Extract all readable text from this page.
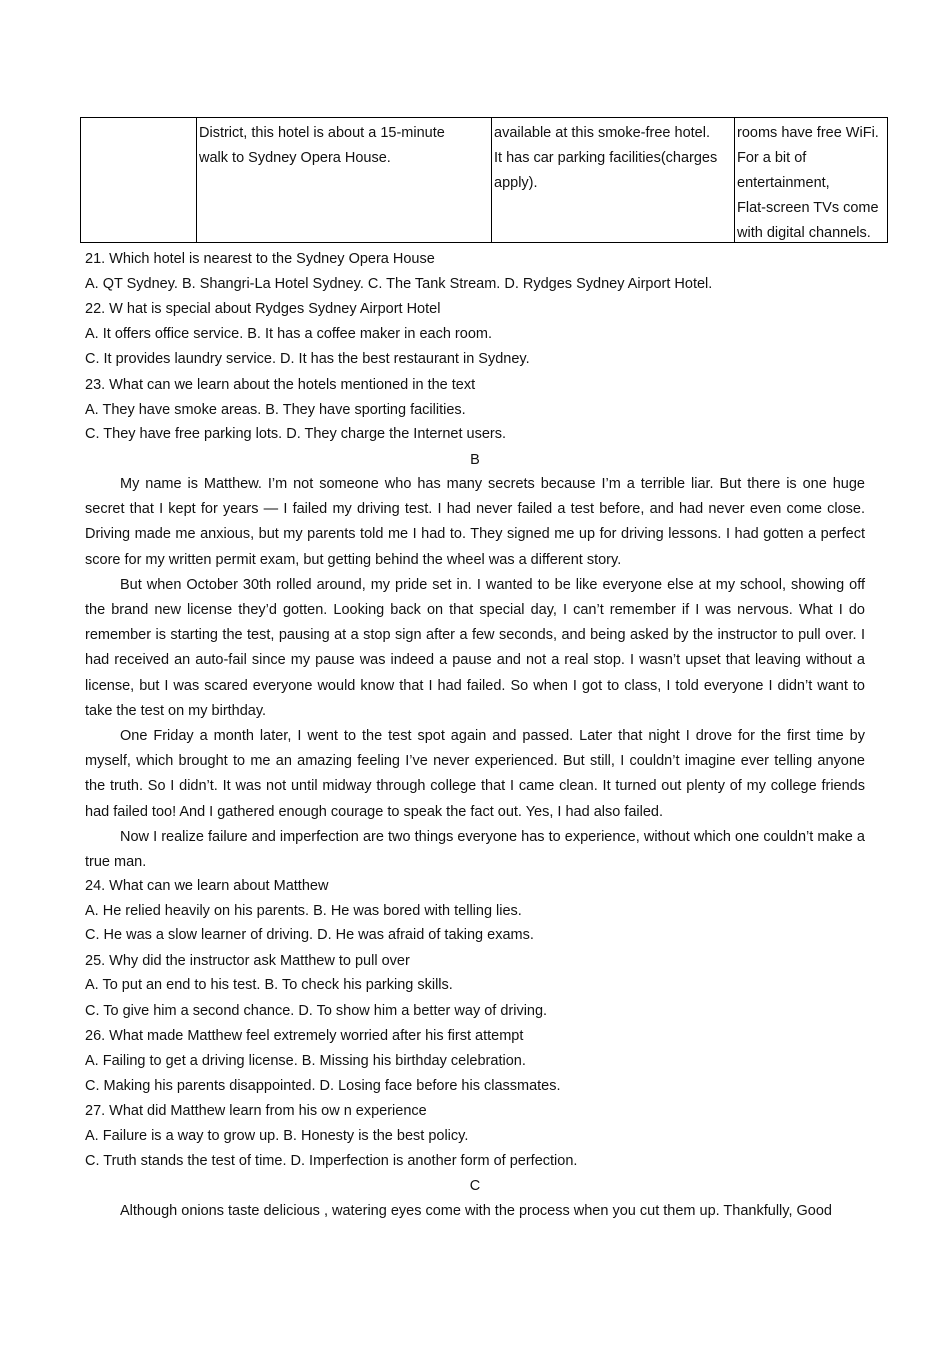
District, this hotel is about a 15-minute
walk to Sydney Opera House.
available at this smoke-free hotel.
It has car parking facilities(charges
apply).
rooms have free WiFi.
For a bit of
entertainment,
Flat-screen TVs come
with digital channels.
21. Which hotel is nearest to the Sydney Opera House
A. QT Sydney. B. Shangri-La Hotel Sydney. C. The Tank Stream. D. Rydges Sydney Airport Hotel.
22. W hat is special about Rydges Sydney Airport Hotel
A. It offers office service. B. It has a coffee maker in each room.
C. It provides laundry service. D. It has the best restaurant in Sydney.
23. What can we learn about the hotels mentioned in the text
A. They have smoke areas. B. They have sporting facilities.
C. They have free parking lots. D. They charge the Internet users.
B

My name is Matthew. I’m not someone who has many secrets because I’m a terrible liar. But there is one huge secret that I kept for years — I failed my driving test. I had never failed a test before, and had never even come close. Driving made me anxious, but my parents told me I had to. They signed me up for driving lessons. I had gotten a perfect score for my written permit exam, but getting behind the wheel was a different story.

But when October 30th rolled around, my pride set in. I wanted to be like everyone else at my school, showing off the brand new license they’d gotten. Looking back on that special day, I can’t remember if I was nervous. What I do remember is starting the test, pausing at a stop sign after a few seconds, and being asked by the instructor to pull over. I had received an auto-fail since my pause was indeed a pause and not a real stop. I wasn’t upset that leaving without a license, but I was scared everyone would know that I had failed. So when I got to class, I told everyone I didn’t want to take the test on my birthday.

One Friday a month later, I went to the test spot again and passed. Later that night I drove for the first time by myself, which brought to me an amazing feeling I’ve never experienced. But still, I couldn’t imagine ever telling anyone the truth. So I didn’t. It was not until midway through college that I came clean. It turned out plenty of my college friends had failed too! And I gathered enough courage to speak the fact out. Yes, I had also failed.

Now I realize failure and imperfection are two things everyone has to experience, without which one couldn’t make a true man.

24. What can we learn about Matthew
A. He relied heavily on his parents. B. He was bored with telling lies.
C. He was a slow learner of driving. D. He was afraid of taking exams.
25. Why did the instructor ask Matthew to pull over
A. To put an end to his test. B. To check his parking skills.
C. To give him a second chance. D. To show him a better way of driving.
26. What made Matthew feel extremely worried after his first attempt
A. Failing to get a driving license. B. Missing his birthday celebration.
C. Making his parents disappointed. D. Losing face before his classmates.
27. What did Matthew learn from his ow n experience
A. Failure is a way to grow up. B. Honesty is the best policy.
C. Truth stands the test of time. D. Imperfection is another form of perfection.
C

Although onions taste delicious , watering eyes come with the process when you cut them up. Thankfully, Good
